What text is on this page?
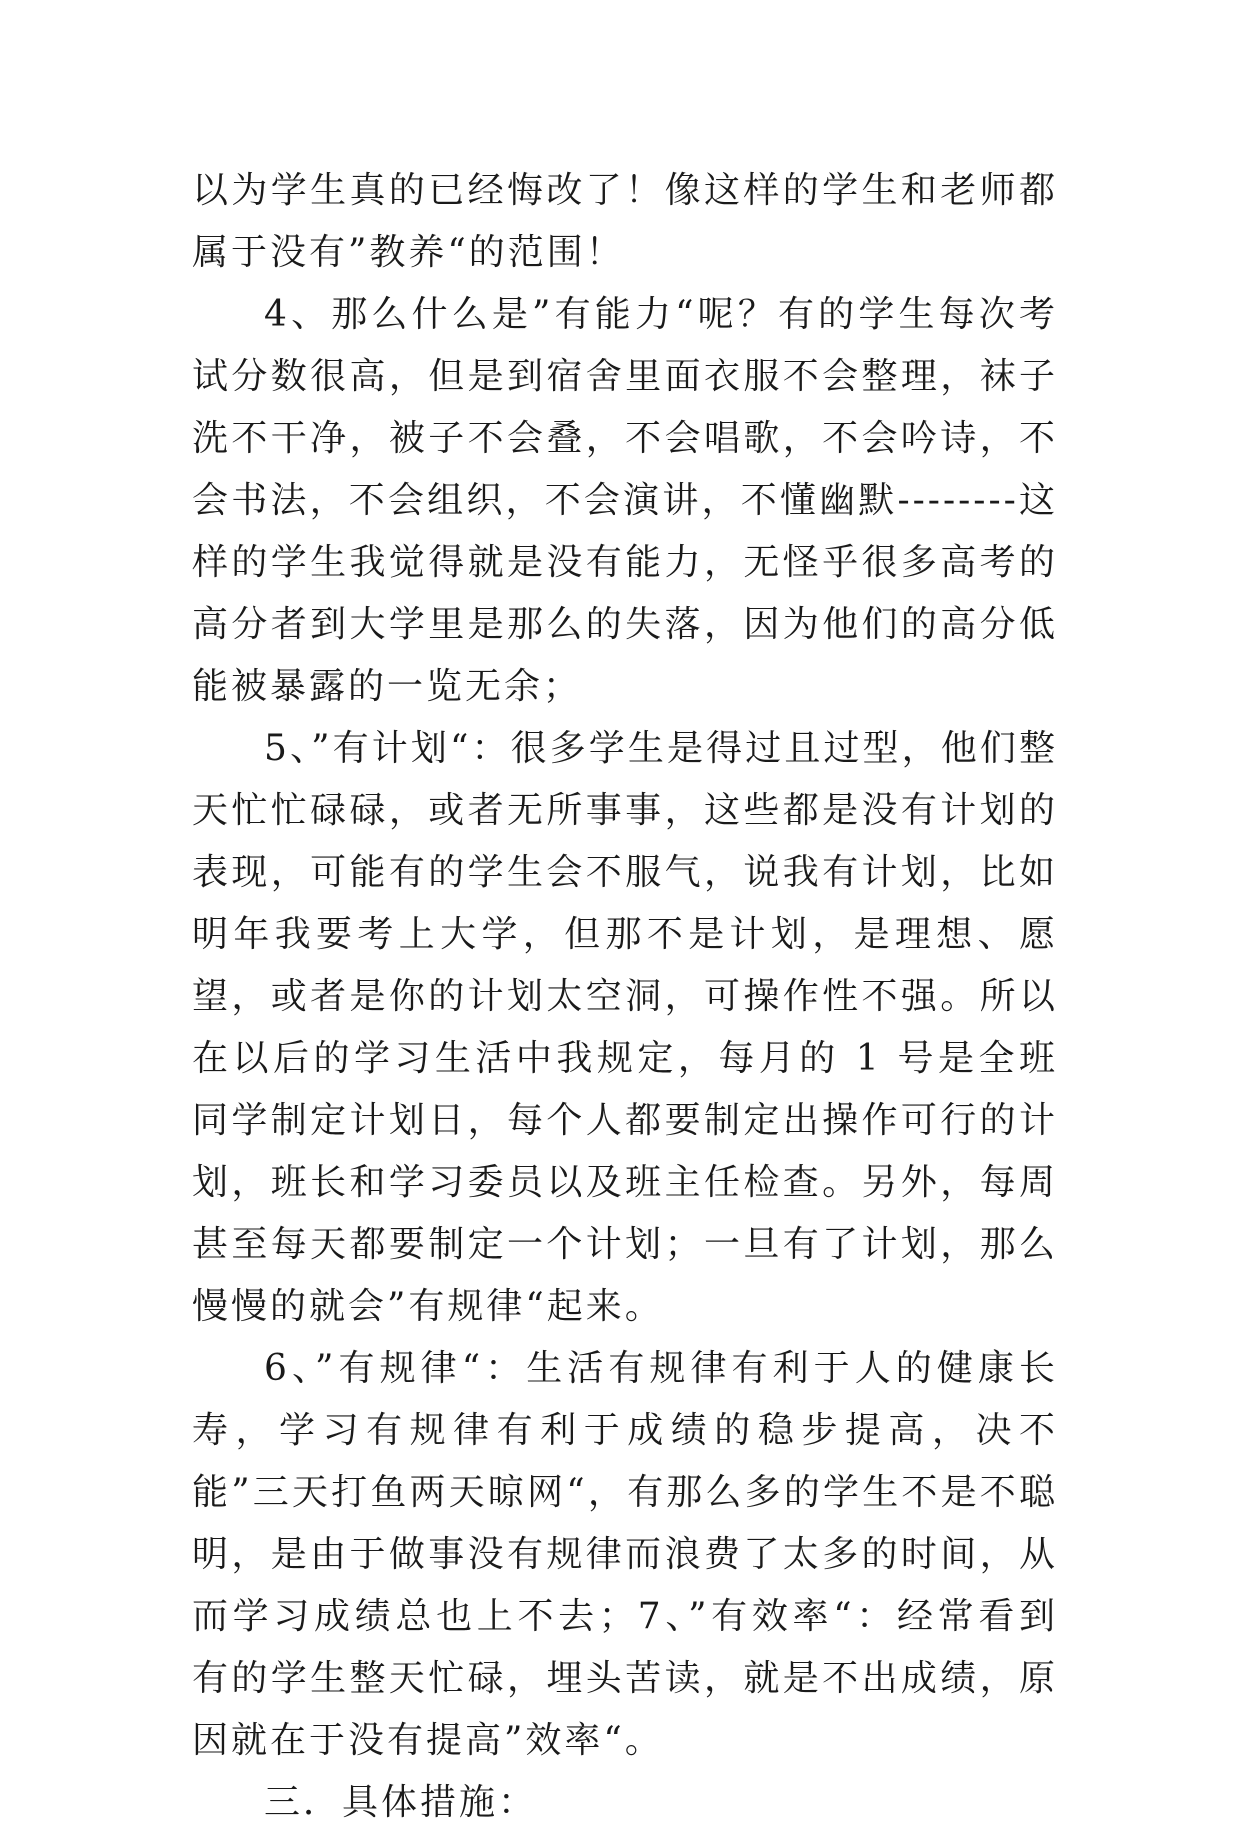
以为学生真的已经悔改了！像这样的学生和老师都属于没有”教养“的范围！

4、那么什么是”有能力“呢？有的学生每次考试分数很高，但是到宿舍里面衣服不会整理，袜子洗不干净，被子不会叠，不会唱歌，不会吟诗，不会书法，不会组织，不会演讲，不懂幽默--------这样的学生我觉得就是没有能力，无怪乎很多高考的高分者到大学里是那么的失落，因为他们的高分低能被暴露的一览无余；

5、”有计划“：很多学生是得过且过型，他们整天忙忙碌碌，或者无所事事，这些都是没有计划的表现，可能有的学生会不服气，说我有计划，比如明年我要考上大学，但那不是计划，是理想、愿望，或者是你的计划太空洞，可操作性不强。所以在以后的学习生活中我规定，每月的 1 号是全班同学制定计划日，每个人都要制定出操作可行的计划，班长和学习委员以及班主任检查。另外，每周甚至每天都要制定一个计划；一旦有了计划，那么慢慢的就会”有规律“起来。

6、”有规律“：生活有规律有利于人的健康长寿，学习有规律有利于成绩的稳步提高，决不能”三天打鱼两天晾网“，有那么多的学生不是不聪明，是由于做事没有规律而浪费了太多的时间，从而学习成绩总也上不去；7、”有效率“：经常看到有的学生整天忙碌，埋头苦读，就是不出成绩，原因就在于没有提高”效率“。

三．具体措施：
